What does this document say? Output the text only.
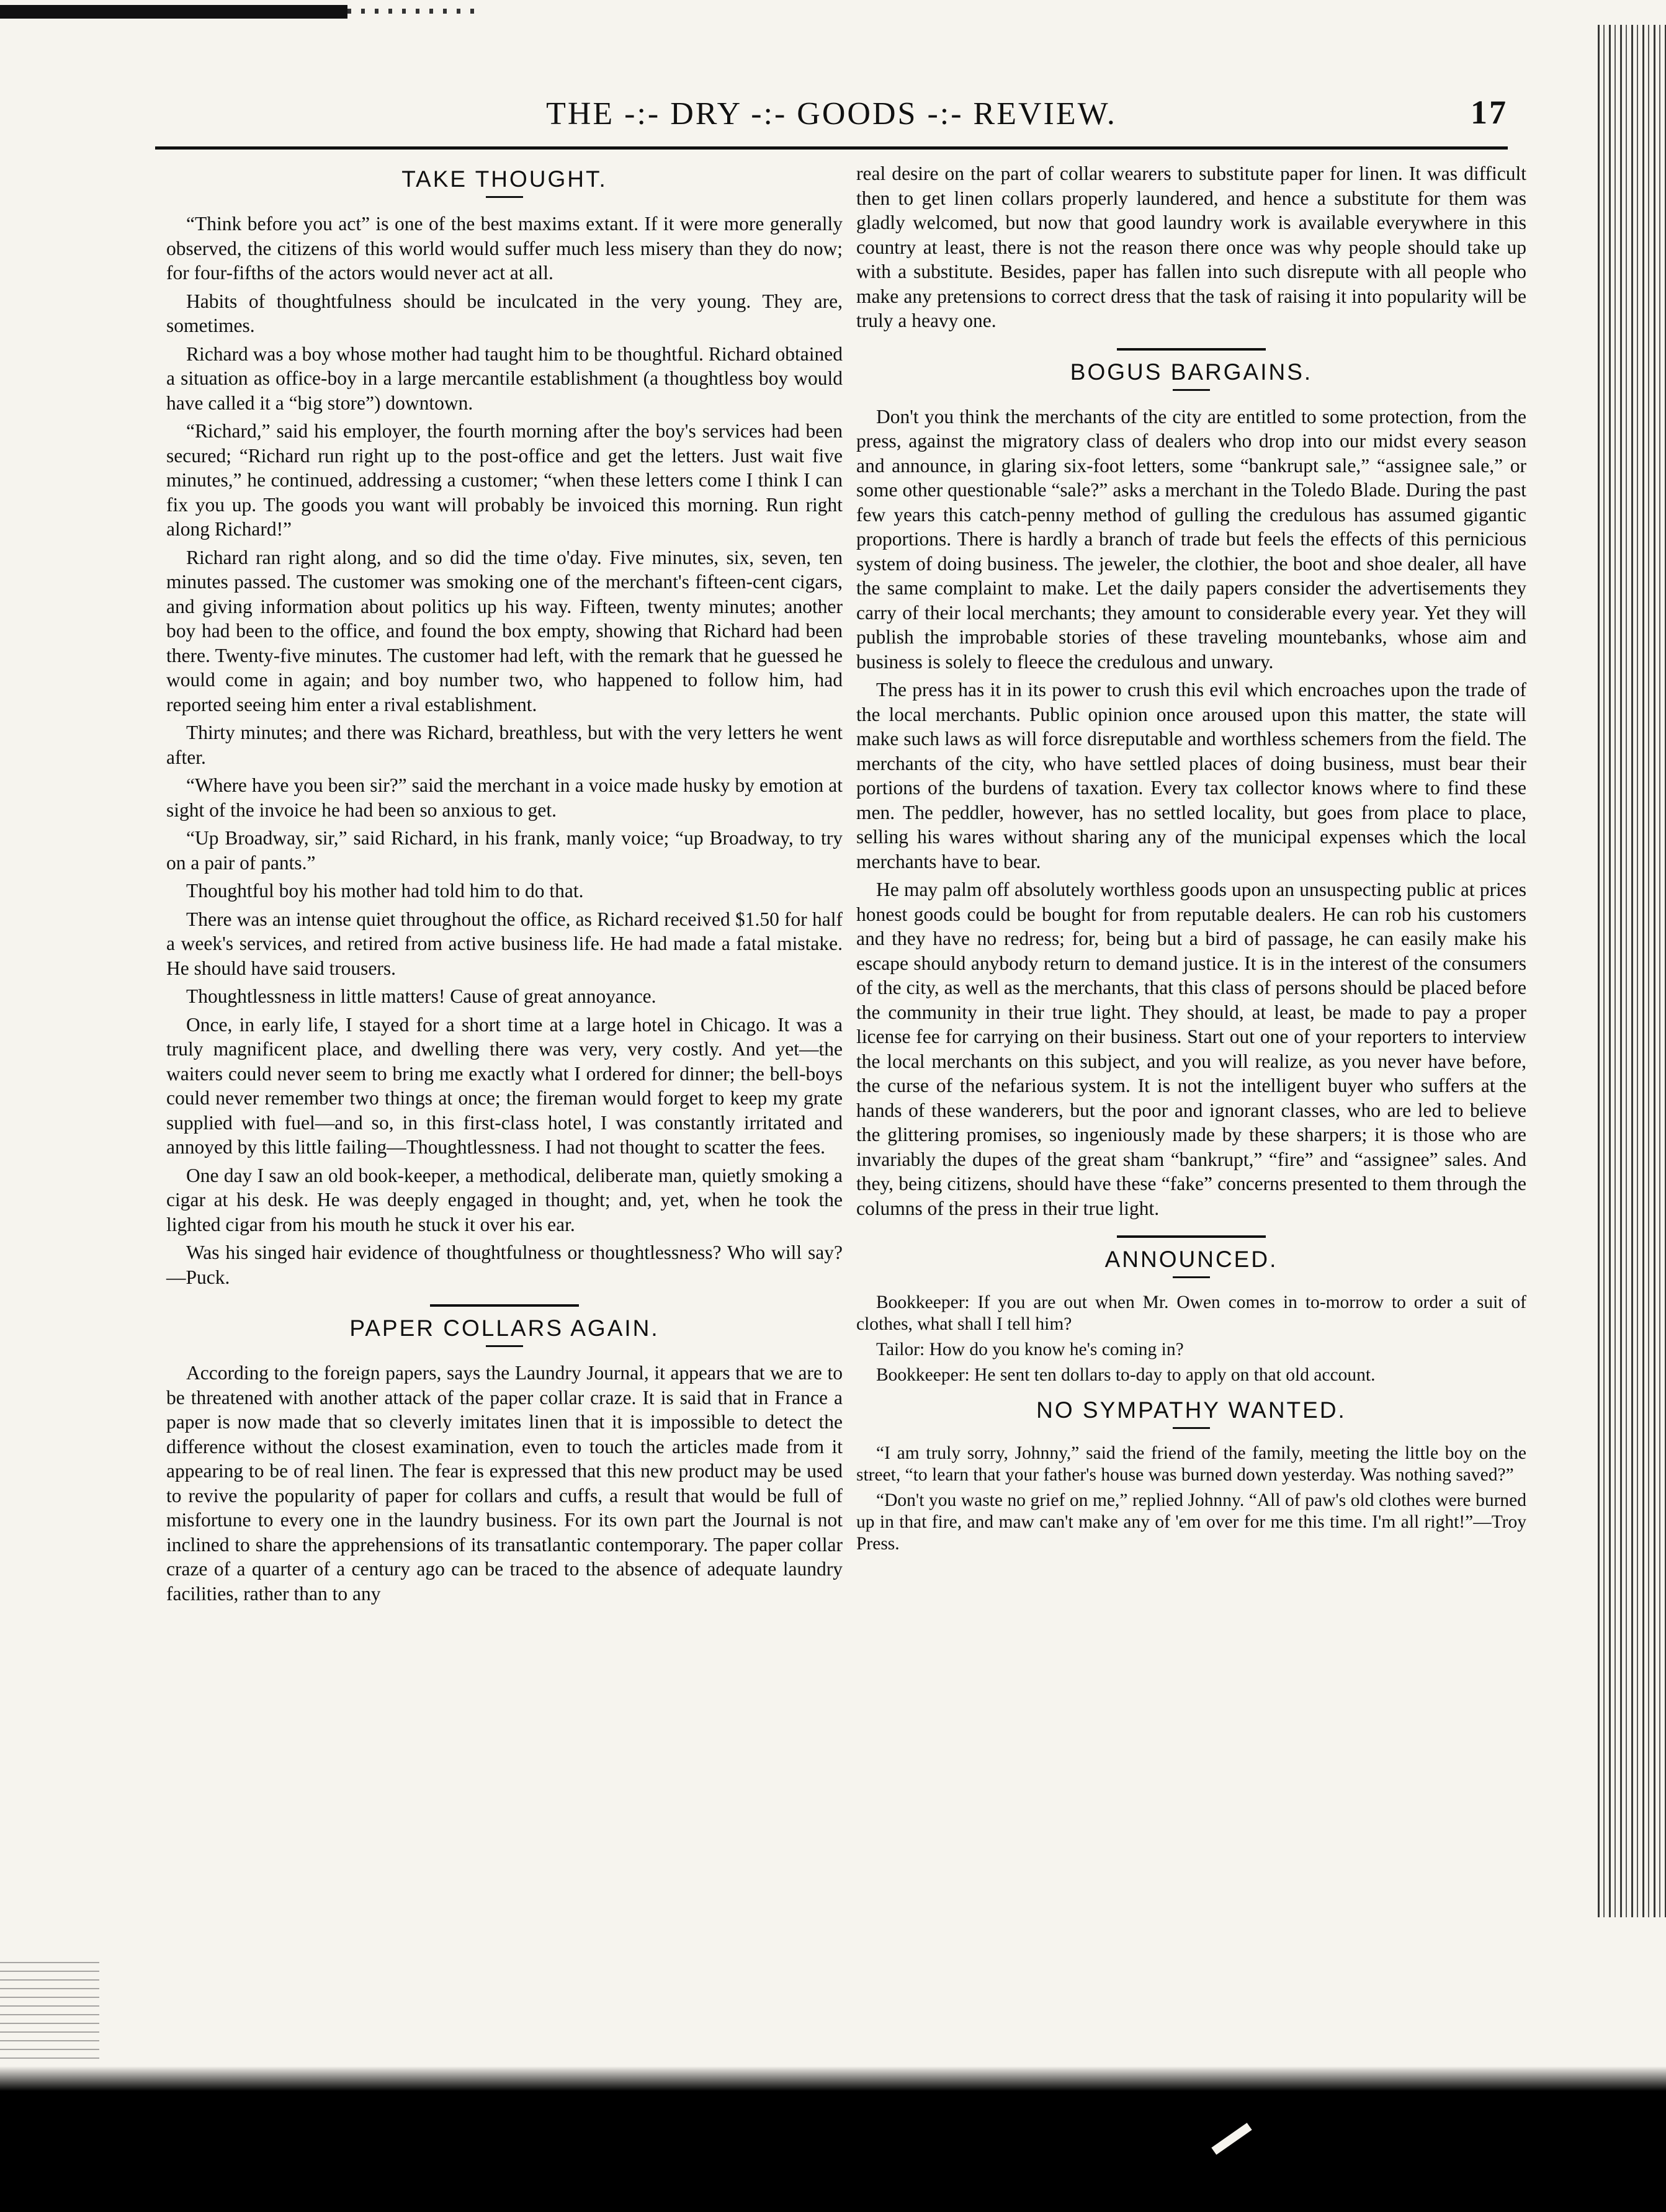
THE -:- DRY -:- GOODS -:- REVIEW.	17
TAKE THOUGHT.

“Think before you act” is one of the best maxims extant. If it were more generally observed, the citizens of this world would suffer much less misery than they do now; for four-fifths of the actors would never act at all.

Habits of thoughtfulness should be inculcated in the very young. They are, sometimes.

Richard was a boy whose mother had taught him to be thoughtful. Richard obtained a situation as office-boy in a large mercantile establishment (a thoughtless boy would have called it a “big store”) downtown.

“Richard,” said his employer, the fourth morning after the boy's services had been secured; “Richard run right up to the post-office and get the letters. Just wait five minutes,” he continued, addressing a customer; “when these letters come I think I can fix you up. The goods you want will probably be invoiced this morning. Run right along Richard!”

Richard ran right along, and so did the time o'day. Five minutes, six, seven, ten minutes passed. The customer was smoking one of the merchant's fifteen-cent cigars, and giving information about politics up his way. Fifteen, twenty minutes; another boy had been to the office, and found the box empty, showing that Richard had been there. Twenty-five minutes. The customer had left, with the remark that he guessed he would come in again; and boy number two, who happened to follow him, had reported seeing him enter a rival establishment.

Thirty minutes; and there was Richard, breathless, but with the very letters he went after.

“Where have you been sir?” said the merchant in a voice made husky by emotion at sight of the invoice he had been so anxious to get.

“Up Broadway, sir,” said Richard, in his frank, manly voice; “up Broadway, to try on a pair of pants.”

Thoughtful boy his mother had told him to do that.

There was an intense quiet throughout the office, as Richard received $1.50 for half a week's services, and retired from active business life. He had made a fatal mistake. He should have said trousers.

Thoughtlessness in little matters! Cause of great annoyance.

Once, in early life, I stayed for a short time at a large hotel in Chicago. It was a truly magnificent place, and dwelling there was very, very costly. And yet—the waiters could never seem to bring me exactly what I ordered for dinner; the bell-boys could never remember two things at once; the fireman would forget to keep my grate supplied with fuel—and so, in this first-class hotel, I was constantly irritated and annoyed by this little failing—Thoughtlessness. I had not thought to scatter the fees.

One day I saw an old book-keeper, a methodical, deliberate man, quietly smoking a cigar at his desk. He was deeply engaged in thought; and, yet, when he took the lighted cigar from his mouth he stuck it over his ear.

Was his singed hair evidence of thoughtfulness or thoughtlessness? Who will say?—Puck.

PAPER COLLARS AGAIN.

According to the foreign papers, says the Laundry Journal, it appears that we are to be threatened with another attack of the paper collar craze. It is said that in France a paper is now made that so cleverly imitates linen that it is impossible to detect the difference without the closest examination, even to touch the articles made from it appearing to be of real linen. The fear is expressed that this new product may be used to revive the popularity of paper for collars and cuffs, a result that would be full of misfortune to every one in the laundry business. For its own part the Journal is not inclined to share the apprehensions of its transatlantic contemporary. The paper collar craze of a quarter of a century ago can be traced to the absence of adequate laundry facilities, rather than to any

real desire on the part of collar wearers to substitute paper for linen. It was difficult then to get linen collars properly laundered, and hence a substitute for them was gladly welcomed, but now that good laundry work is available everywhere in this country at least, there is not the reason there once was why people should take up with a substitute. Besides, paper has fallen into such disrepute with all people who make any pretensions to correct dress that the task of raising it into popularity will be truly a heavy one.

BOGUS BARGAINS.

Don't you think the merchants of the city are entitled to some protection, from the press, against the migratory class of dealers who drop into our midst every season and announce, in glaring six-foot letters, some “bankrupt sale,” “assignee sale,” or some other questionable “sale?” asks a merchant in the Toledo Blade. During the past few years this catch-penny method of gulling the credulous has assumed gigantic proportions. There is hardly a branch of trade but feels the effects of this pernicious system of doing business. The jeweler, the clothier, the boot and shoe dealer, all have the same complaint to make. Let the daily papers consider the advertisements they carry of their local merchants; they amount to considerable every year. Yet they will publish the improbable stories of these traveling mountebanks, whose aim and business is solely to fleece the credulous and unwary.

The press has it in its power to crush this evil which encroaches upon the trade of the local merchants. Public opinion once aroused upon this matter, the state will make such laws as will force disreputable and worthless schemers from the field. The merchants of the city, who have settled places of doing business, must bear their portions of the burdens of taxation. Every tax collector knows where to find these men. The peddler, however, has no settled locality, but goes from place to place, selling his wares without sharing any of the municipal expenses which the local merchants have to bear.

He may palm off absolutely worthless goods upon an unsuspecting public at prices honest goods could be bought for from reputable dealers. He can rob his customers and they have no redress; for, being but a bird of passage, he can easily make his escape should anybody return to demand justice. It is in the interest of the consumers of the city, as well as the merchants, that this class of persons should be placed before the community in their true light. They should, at least, be made to pay a proper license fee for carrying on their business. Start out one of your reporters to interview the local merchants on this subject, and you will realize, as you never have before, the curse of the nefarious system. It is not the intelligent buyer who suffers at the hands of these wanderers, but the poor and ignorant classes, who are led to believe the glittering promises, so ingeniously made by these sharpers; it is those who are invariably the dupes of the great sham “bankrupt,” “fire” and “assignee” sales. And they, being citizens, should have these “fake” concerns presented to them through the columns of the press in their true light.

ANNOUNCED.

Bookkeeper: If you are out when Mr. Owen comes in to-morrow to order a suit of clothes, what shall I tell him?

Tailor: How do you know he's coming in?

Bookkeeper: He sent ten dollars to-day to apply on that old account.

NO SYMPATHY WANTED.

“I am truly sorry, Johnny,” said the friend of the family, meeting the little boy on the street, “to learn that your father's house was burned down yesterday. Was nothing saved?”

“Don't you waste no grief on me,” replied Johnny. “All of paw's old clothes were burned up in that fire, and maw can't make any of 'em over for me this time. I'm all right!”—Troy Press.
